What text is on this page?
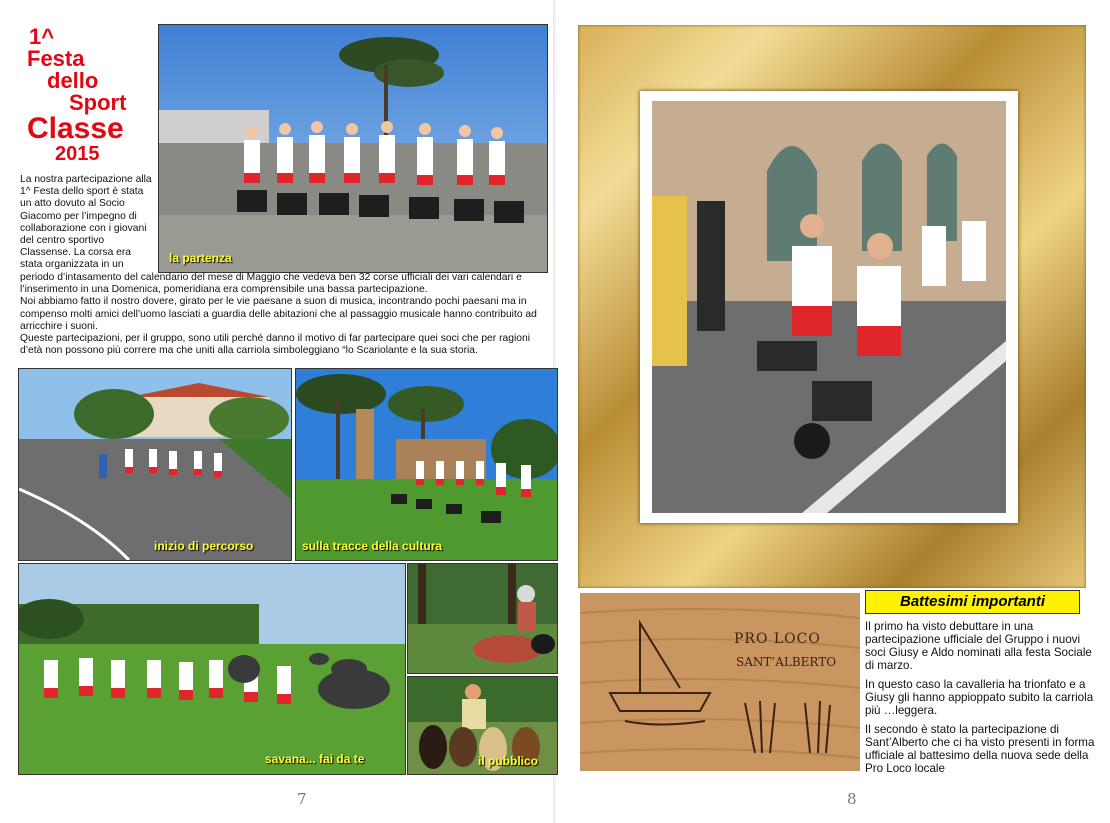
1^
Festa
dello
Sport
Classe
2015
la partenza
La nostra partecipazione alla 1^ Festa dello sport è stata un atto dovuto al Socio Giacomo per l’impegno di collaborazione con i giovani del centro sportivo Classense. La corsa era stata organizzata in un
periodo d’intasamento del calendario del mese di Maggio che vedeva ben 32 corse ufficiali dei vari calendari e l’inserimento in una Domenica, pomeridiana era comprensibile una bassa partecipazione.
Noi abbiamo fatto il nostro dovere, girato per le vie paesane a suon di musica, incontrando pochi paesani ma in compenso molti amici dell’uomo lasciati a guardia delle abitazioni che al passaggio musicale hanno contribuito ad arricchire i suoni.
Queste partecipazioni, per il gruppo, sono utili perché danno il motivo di far partecipare quei soci che per ragioni d’età non possono più correre ma che uniti alla carriola simboleggiano “lo Scariolante e la sua storia.
inizio di percorso	sulla tracce della cultura
savana... fai da te	il pubblico
7
PRO LOCO
SANT’ALBERTO
Battesimi importanti

Il primo ha visto debuttare in una partecipazione ufficiale del Gruppo i nuovi soci Giusy e Aldo nominati alla festa Sociale di marzo.

In questo caso la cavalleria ha trionfato e a Giusy gli hanno appioppato subito la carriola più …leggera.

Il secondo è stato la partecipazione di Sant’Alberto che ci ha visto presenti in forma ufficiale al battesimo della nuova sede della Pro Loco locale

8
